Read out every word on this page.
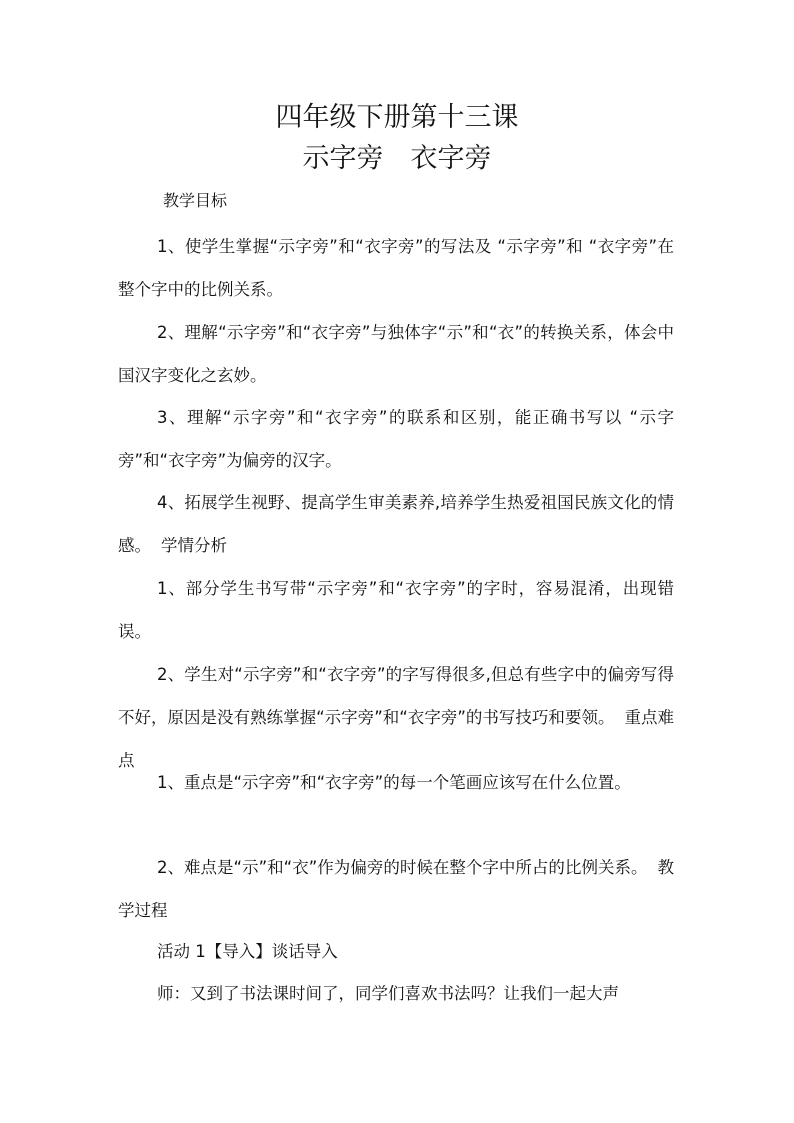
四年级下册第十三课
示字旁　衣字旁
教学目标

1、使学生掌握“示字旁”和“衣字旁”的写法及 “示字旁”和 “衣字旁”在整个字中的比例关系。

2、理解“示字旁”和“衣字旁”与独体字“示”和“衣”的转换关系，体会中国汉字变化之玄妙。

3、理解“示字旁”和“衣字旁”的联系和区别，能正确书写以 “示字旁”和“衣字旁”为偏旁的汉字。

4、拓展学生视野、提高学生审美素养,培养学生热爱祖国民族文化的情感。 学情分析

1、部分学生书写带“示字旁”和“衣字旁”的字时，容易混淆，出现错误。

2、学生对“示字旁”和“衣字旁”的字写得很多,但总有些字中的偏旁写得不好，原因是没有熟练掌握“示字旁”和“衣字旁”的书写技巧和要领。 重点难点

1、重点是“示字旁”和“衣字旁”的每一个笔画应该写在什么位置。

2、难点是“示”和“衣”作为偏旁的时候在整个字中所占的比例关系。 教学过程

活动 1【导入】谈话导入

师：又到了书法课时间了，同学们喜欢书法吗？让我们一起大声
